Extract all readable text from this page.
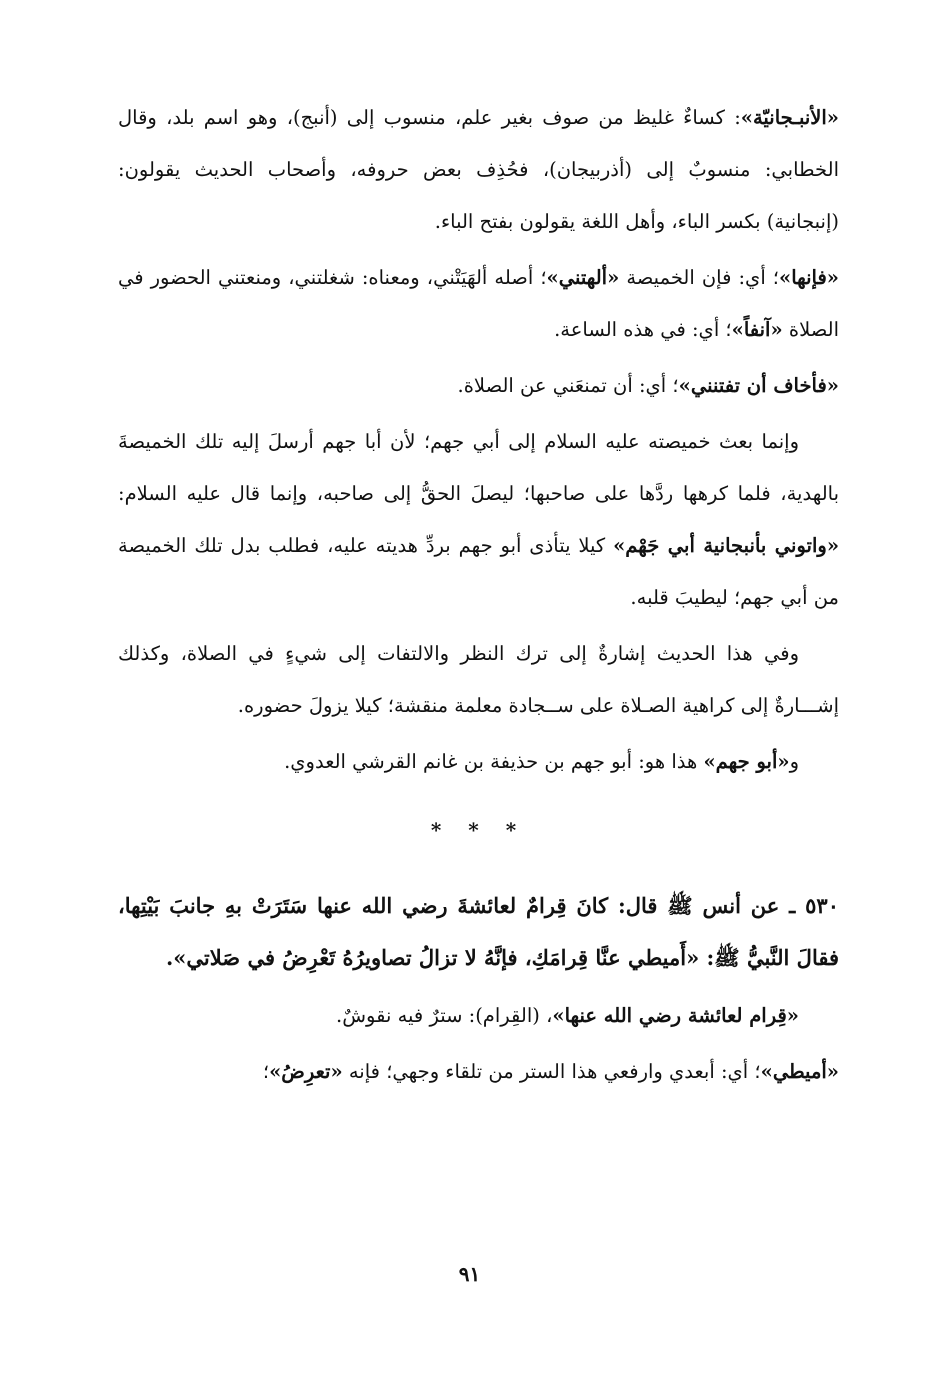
«الأنبـجانيّة»: كساءٌ غليظ من صوف بغير علم، منسوب إلى (أنبج)، وهو اسم بلد، وقال الخطابي: منسوبٌ إلى (أذربيجان)، فحُذِف بعض حروفه، وأصحاب الحديث يقولون: (إنبجانية) بكسر الباء، وأهل اللغة يقولون بفتح الباء.

«فإنها»؛ أي: فإن الخميصة «ألهتني»؛ أصله ألهَيَتْني، ومعناه: شغلتني، ومنعتني الحضور في الصلاة «آنفاً»؛ أي: في هذه الساعة.

«فأخاف أن تفتنني»؛ أي: أن تمنعَني عن الصلاة.

وإنما بعث خميصته عليه السلام إلى أبي جهم؛ لأن أبا جهم أرسلَ إليه تلك الخميصةَ بالهدية، فلما كرهها ردَّها على صاحبها؛ ليصلَ الحقُّ إلى صاحبه، وإنما قال عليه السلام: «واتوني بأنبجانية أبي جَهْم» كيلا يتأذى أبو جهم بردِّ هديته عليه، فطلب بدل تلك الخميصة من أبي جهم؛ ليطيبَ قلبه.

وفي هذا الحديث إشارةٌ إلى ترك النظر والالتفات إلى شيءٍ في الصلاة، وكذلك إشـــارةٌ إلى كراهية الصـلاة على ســجادة معلمة منقشة؛ كيلا يزولَ حضوره.

و«أبو جهم» هذا هو: أبو جهم بن حذيفة بن غانم القرشي العدوي.

* * *

٥٣٠ ـ عن أنس ﷺ قال: كانَ قِرامٌ لعائشةَ رضي الله عنها سَتَرَتْ بهِ جانبَ بَيْتِها، فقالَ النَّبيُّ ﷺ: «أَميطي عنَّا قِرامَكِ، فإنَّهُ لا تزالُ تصاويرُهُ تَعْرِضُ في صَلاتي».

«قِرام لعائشة رضي الله عنها»، (القِرام): سترٌ فيه نقوشٌ.

«أميطي»؛ أي: أبعدي وارفعي هذا الستر من تلقاء وجهي؛ فإنه «تعرِضُ»؛

٩١
